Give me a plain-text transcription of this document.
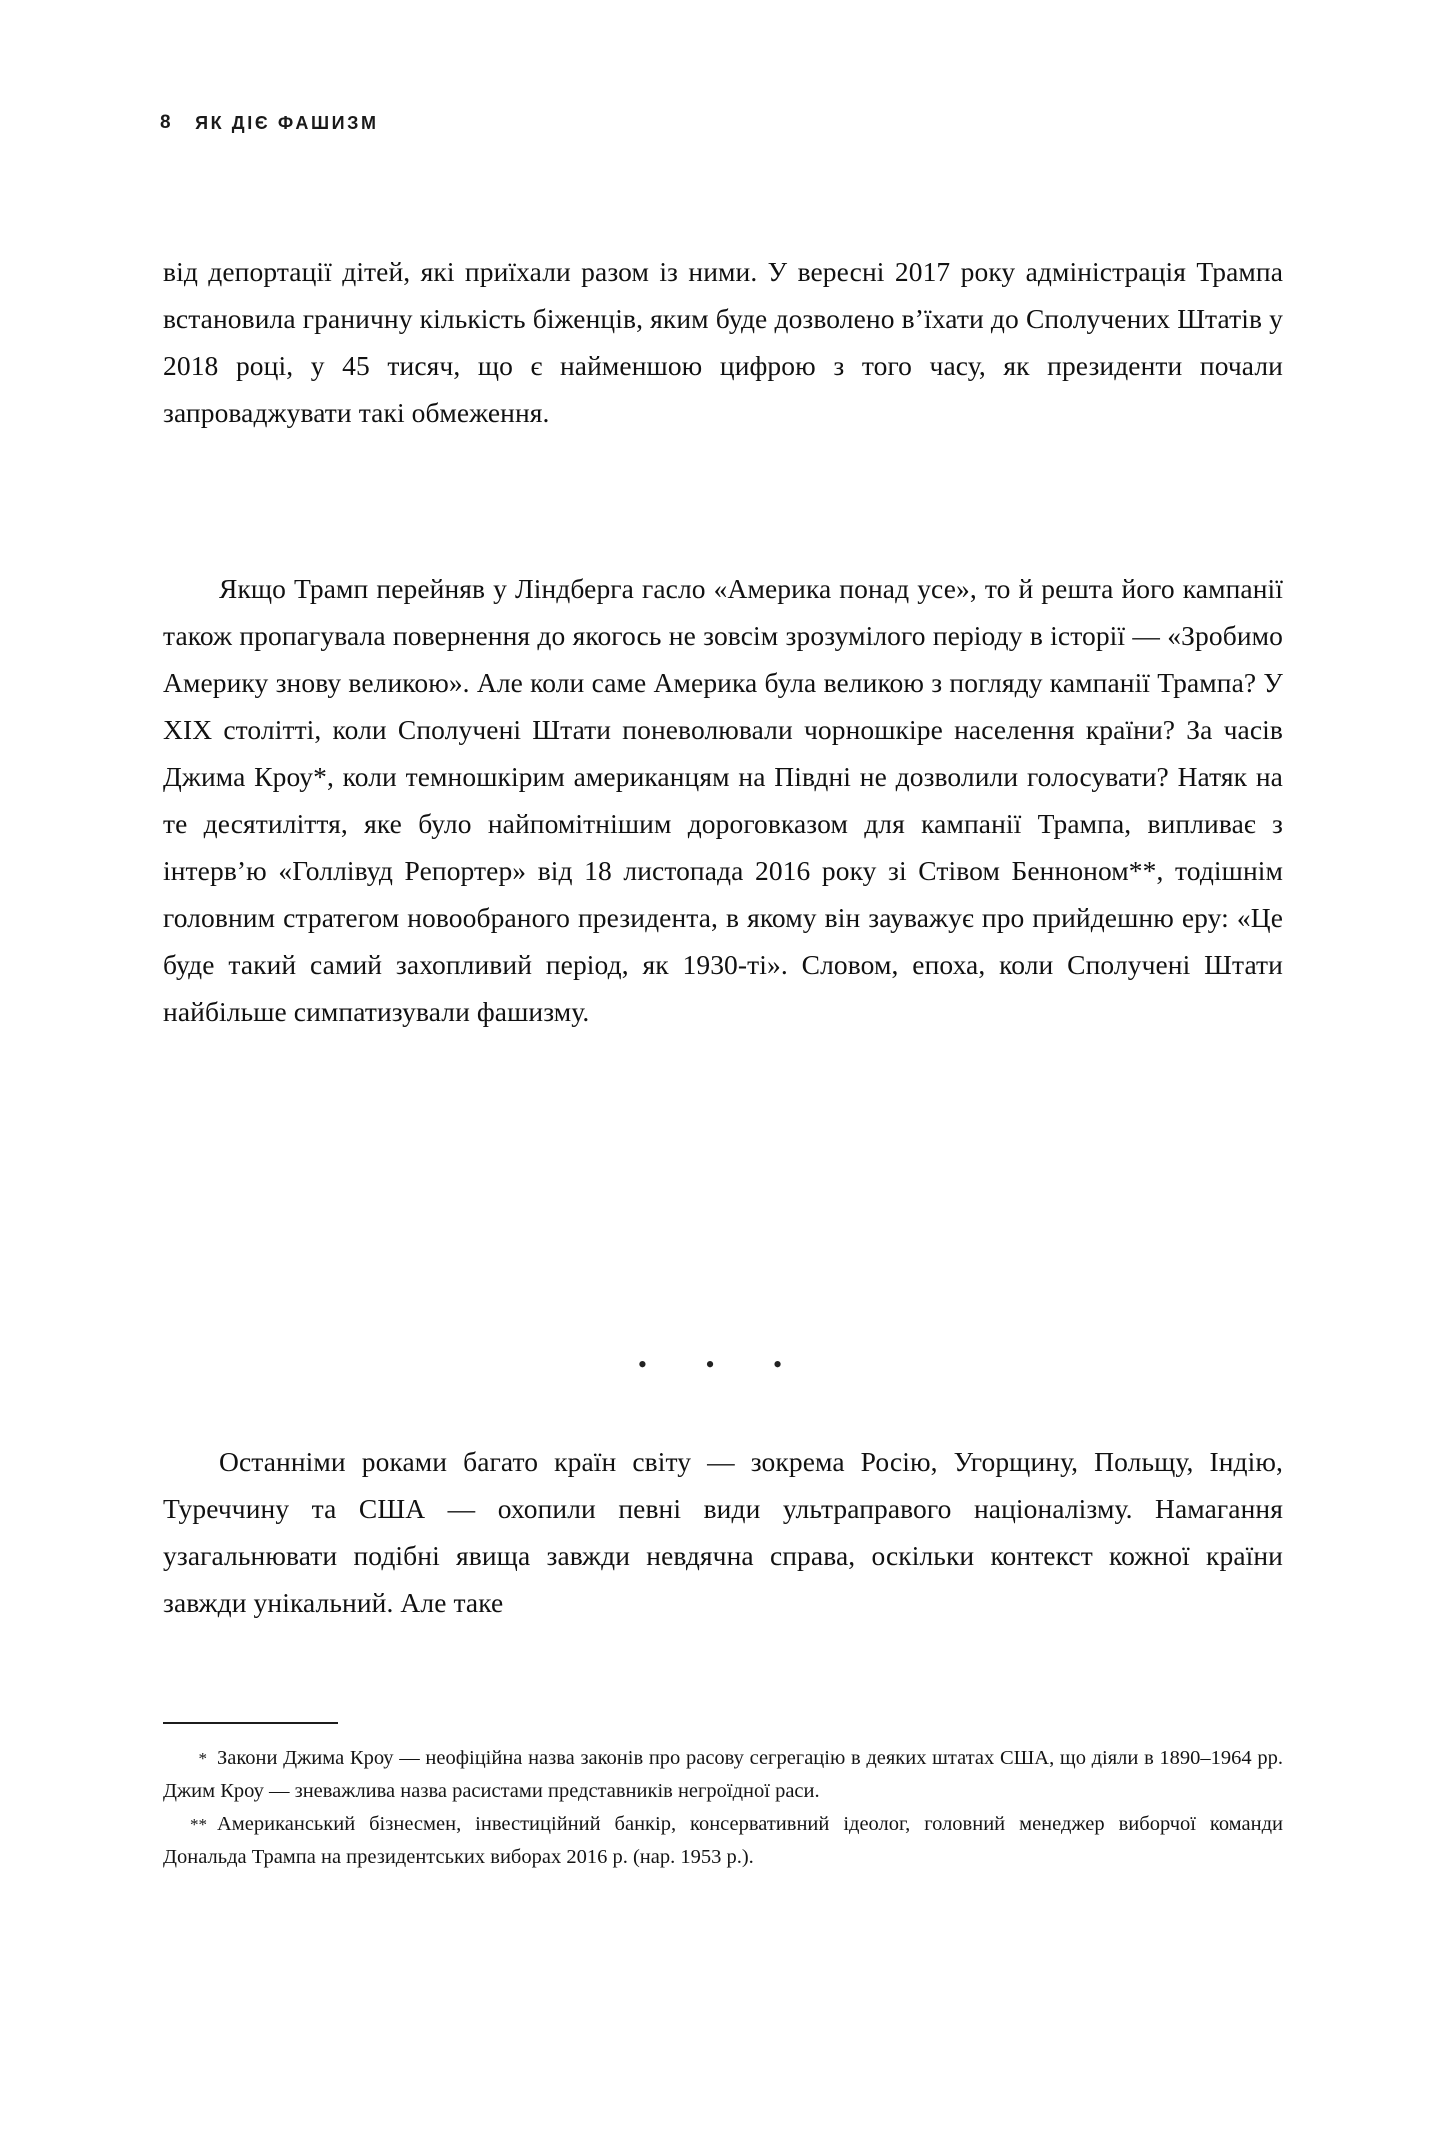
8 ЯК ДІЄ ФАШИЗМ
від депортації дітей, які приїхали разом із ними. У вересні 2017 року адміністрація Трампа встановила граничну кількість біженців, яким буде дозволено в’їхати до Сполучених Штатів у 2018 році, у 45 тисяч, що є найменшою цифрою з того часу, як президенти почали запроваджувати такі обмеження.
Якщо Трамп перейняв у Ліндберга гасло «Америка понад усе», то й решта його кампанії також пропагувала повернення до якогось не зовсім зрозумілого періоду в історії — «Зробимо Америку знову великою». Але коли саме Америка була великою з погляду кампанії Трампа? У XIX столітті, коли Сполучені Штати поневолювали чорношкіре населення країни? За часів Джима Кроу*, коли темношкірим американцям на Півдні не дозволили голосувати? Натяк на те десятиліття, яке було найпомітнішим дороговказом для кампанії Трампа, випливає з інтерв’ю «Голлівуд Репортер» від 18 листопада 2016 року зі Стівом Бенноном**, тодішнім головним стратегом новообраного президента, в якому він зауважує про прийдешню еру: «Це буде такий самий захопливий період, як 1930-ті». Словом, епоха, коли Сполучені Штати найбільше симпатизували фашизму.
• • •
Останніми роками багато країн світу — зокрема Росію, Угорщину, Польщу, Індію, Туреччину та США — охопили певні види ультраправого націоналізму. Намагання узагальнювати подібні явища завжди невдячна справа, оскільки контекст кожної країни завжди унікальний. Але таке

* Закони Джима Кроу — неофіційна назва законів про расову сегрегацію в деяких штатах США, що діяли в 1890–1964 рр. Джим Кроу — зневажлива назва расистами представників негроїдної раси.

** Американський бізнесмен, інвестиційний банкір, консервативний ідеолог, головний менеджер виборчої команди Дональда Трампа на президентських виборах 2016 р. (нар. 1953 р.).
